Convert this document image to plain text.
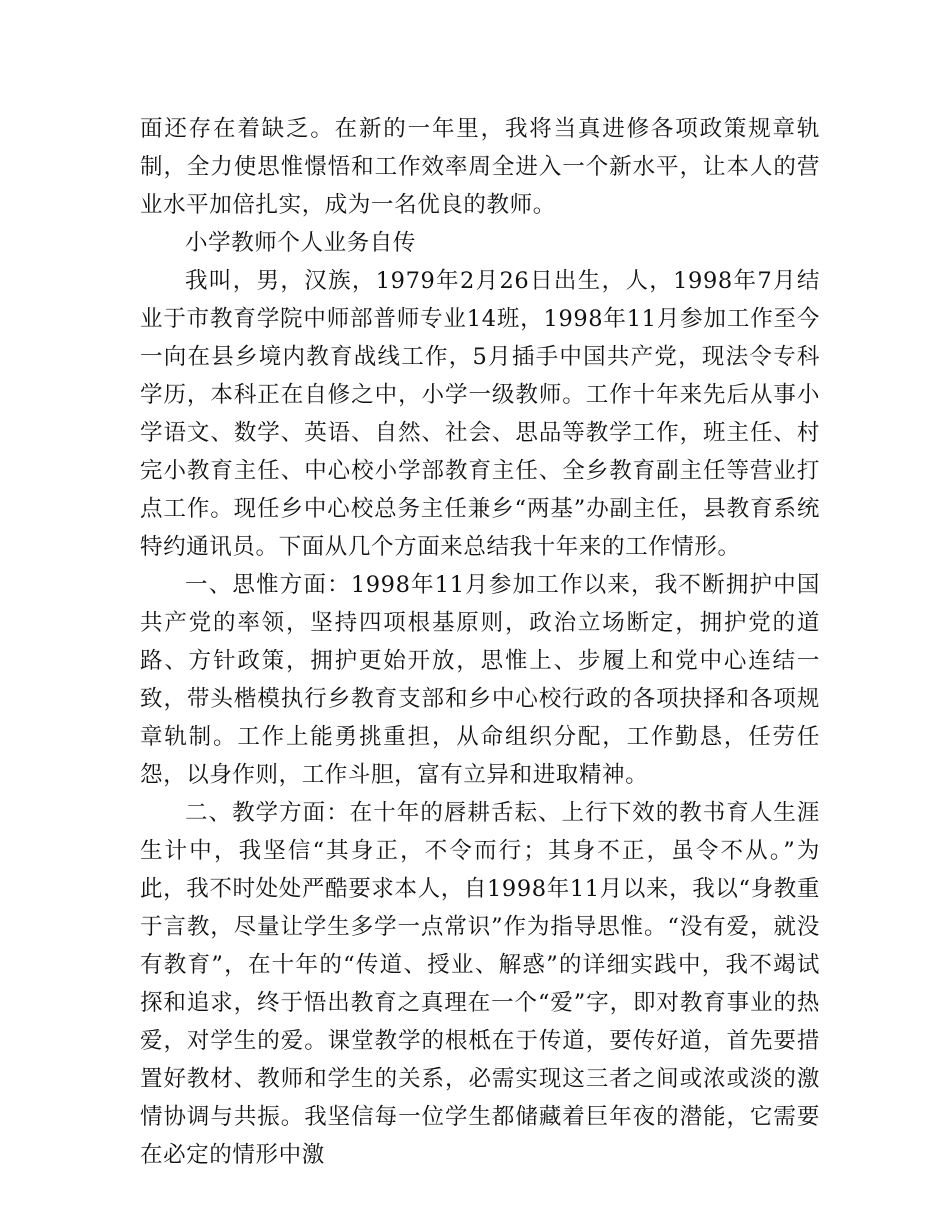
面还存在着缺乏。在新的一年里，我将当真进修各项政策规章轨制，全力使思惟憬悟和工作效率周全进入一个新水平，让本人的营业水平加倍扎实，成为一名优良的教师。

小学教师个人业务自传

我叫，男，汉族，1979年2月26日出生，人，1998年7月结业于市教育学院中师部普师专业14班，1998年11月参加工作至今一向在县乡境内教育战线工作，5月插手中国共产党，现法令专科学历，本科正在自修之中，小学一级教师。工作十年来先后从事小学语文、数学、英语、自然、社会、思品等教学工作，班主任、村完小教育主任、中心校小学部教育主任、全乡教育副主任等营业打点工作。现任乡中心校总务主任兼乡“两基”办副主任，县教育系统特约通讯员。下面从几个方面来总结我十年来的工作情形。

一、思惟方面：1998年11月参加工作以来，我不断拥护中国共产党的率领，坚持四项根基原则，政治立场断定，拥护党的道路、方针政策，拥护更始开放，思惟上、步履上和党中心连结一致，带头楷模执行乡教育支部和乡中心校行政的各项抉择和各项规章轨制。工作上能勇挑重担，从命组织分配，工作勤恳，任劳任怨，以身作则，工作斗胆，富有立异和进取精神。

二、教学方面：在十年的唇耕舌耘、上行下效的教书育人生涯生计中，我坚信“其身正，不令而行；其身不正，虽令不从。”为此，我不时处处严酷要求本人，自1998年11月以来，我以“身教重于言教，尽量让学生多学一点常识”作为指导思惟。“没有爱，就没有教育”，在十年的“传道、授业、解惑”的详细实践中，我不竭试探和追求，终于悟出教育之真理在一个“爱”字，即对教育事业的热爱，对学生的爱。课堂教学的根柢在于传道，要传好道，首先要措置好教材、教师和学生的关系，必需实现这三者之间或浓或淡的激情协调与共振。我坚信每一位学生都储藏着巨年夜的潜能，它需要在必定的情形中激
